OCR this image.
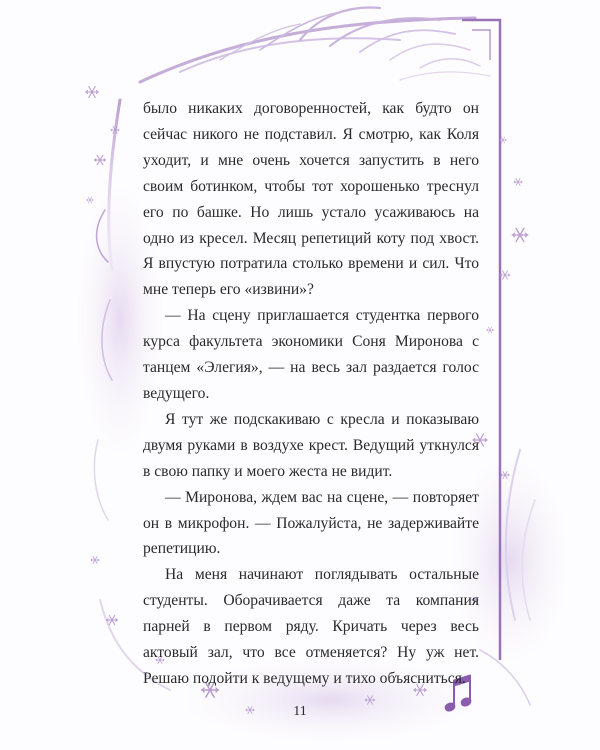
было никаких договоренностей, как будто он сейчас никого не подставил. Я смотрю, как Коля уходит, и мне очень хочется запустить в него своим ботинком, чтобы тот хорошенько треснул его по башке. Но лишь устало усаживаюсь на одно из кресел. Месяц репетиций коту под хвост. Я впустую потратила столько времени и сил. Что мне теперь его «извини»?

— На сцену приглашается студентка первого курса факультета экономики Соня Миронова с танцем «Элегия», — на весь зал раздается голос ведущего.

Я тут же подскакиваю с кресла и показываю двумя руками в воздухе крест. Ведущий уткнулся в свою папку и моего жеста не видит.

— Миронова, ждем вас на сцене, — повторяет он в микрофон. — Пожалуйста, не задерживайте репетицию.

На меня начинают поглядывать остальные студенты. Оборачивается даже та компания парней в первом ряду. Кричать через весь актовый зал, что все отменяется? Ну уж нет. Решаю подойти к ведущему и тихо объясниться.

11
